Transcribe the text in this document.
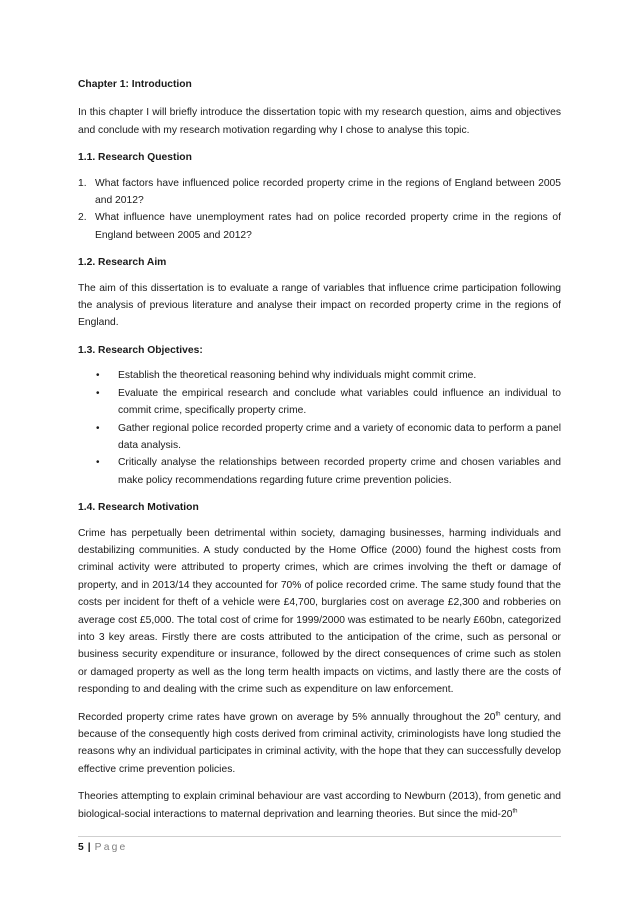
Chapter 1: Introduction

In this chapter I will briefly introduce the dissertation topic with my research question, aims and objectives and conclude with my research motivation regarding why I chose to analyse this topic.

1.1. Research Question
1. What factors have influenced police recorded property crime in the regions of England between 2005 and 2012?
2. What influence have unemployment rates had on police recorded property crime in the regions of England between 2005 and 2012?
1.2. Research Aim

The aim of this dissertation is to evaluate a range of variables that influence crime participation following the analysis of previous literature and analyse their impact on recorded property crime in the regions of England.

1.3. Research Objectives:
• Establish the theoretical reasoning behind why individuals might commit crime.
• Evaluate the empirical research and conclude what variables could influence an individual to commit crime, specifically property crime.
• Gather regional police recorded property crime and a variety of economic data to perform a panel data analysis.
• Critically analyse the relationships between recorded property crime and chosen variables and make policy recommendations regarding future crime prevention policies.
1.4. Research Motivation

Crime has perpetually been detrimental within society, damaging businesses, harming individuals and destabilizing communities. A study conducted by the Home Office (2000) found the highest costs from criminal activity were attributed to property crimes, which are crimes involving the theft or damage of property, and in 2013/14 they accounted for 70% of police recorded crime. The same study found that the costs per incident for theft of a vehicle were £4,700, burglaries cost on average £2,300 and robberies on average cost £5,000. The total cost of crime for 1999/2000 was estimated to be nearly £60bn, categorized into 3 key areas. Firstly there are costs attributed to the anticipation of the crime, such as personal or business security expenditure or insurance, followed by the direct consequences of crime such as stolen or damaged property as well as the long term health impacts on victims, and lastly there are the costs of responding to and dealing with the crime such as expenditure on law enforcement.

Recorded property crime rates have grown on average by 5% annually throughout the 20th century, and because of the consequently high costs derived from criminal activity, criminologists have long studied the reasons why an individual participates in criminal activity, with the hope that they can successfully develop effective crime prevention policies.

Theories attempting to explain criminal behaviour are vast according to Newburn (2013), from genetic and biological-social interactions to maternal deprivation and learning theories. But since the mid-20th

5 | Page
